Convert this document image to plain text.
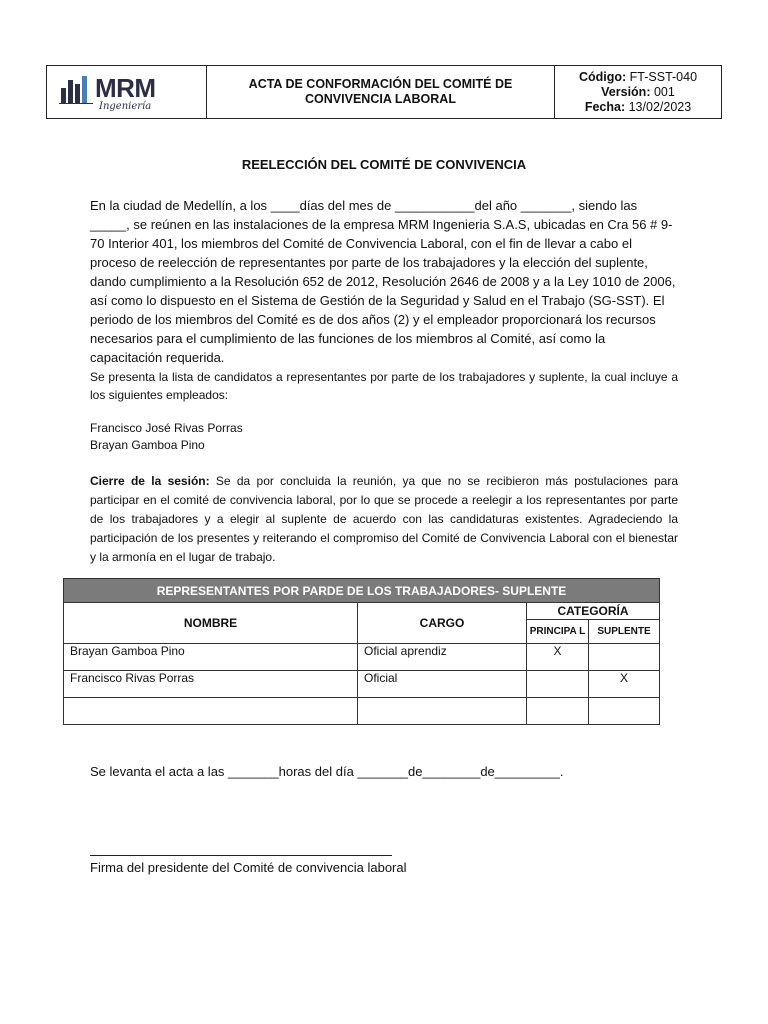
MRM
Ingeniería
ACTA DE CONFORMACIÓN DEL COMITÉ DE
CONVIVENCIA LABORAL
Código: FT-SST-040
Versión: 001
Fecha: 13/02/2023
REELECCIÓN DEL COMITÉ DE CONVIVENCIA
En la ciudad de Medellín, a los ____días del mes de ___________del año _______, siendo las _____, se reúnen en las instalaciones de la empresa MRM Ingenieria S.A.S, ubicadas en Cra 56 # 9-70 Interior 401, los miembros del Comité de Convivencia Laboral, con el fin de llevar a cabo el proceso de reelección de representantes por parte de los trabajadores y la elección del suplente, dando cumplimiento a la Resolución 652 de 2012, Resolución 2646 de 2008 y a la Ley 1010 de 2006, así como lo dispuesto en el Sistema de Gestión de la Seguridad y Salud en el Trabajo (SG-SST). El periodo de los miembros del Comité es de dos años (2) y el empleador proporcionará los recursos necesarios para el cumplimiento de las funciones de los miembros al Comité, así como la capacitación requerida.
Se presenta la lista de candidatos a representantes por parte de los trabajadores y suplente, la cual incluye a los siguientes empleados:
Francisco José Rivas Porras
Brayan Gamboa Pino
Cierre de la sesión: Se da por concluida la reunión, ya que no se recibieron más postulaciones para participar en el comité de convivencia laboral, por lo que se procede a reelegir a los representantes por parte de los trabajadores y a elegir al suplente de acuerdo con las candidaturas existentes. Agradeciendo la participación de los presentes y reiterando el compromiso del Comité de Convivencia Laboral con el bienestar y la armonía en el lugar de trabajo.
REPRESENTANTES POR PARDE DE LOS TRABAJADORES- SUPLENTE			
NOMBRE	CARGO	CATEGORÍA	
		PRINCIPA L	SUPLENTE
Brayan Gamboa Pino	Oficial aprendiz	X	
Francisco Rivas Porras	Oficial		X

Se levanta el acta a las _______horas del día _______de________de_________.
Firma del presidente del Comité de convivencia laboral
